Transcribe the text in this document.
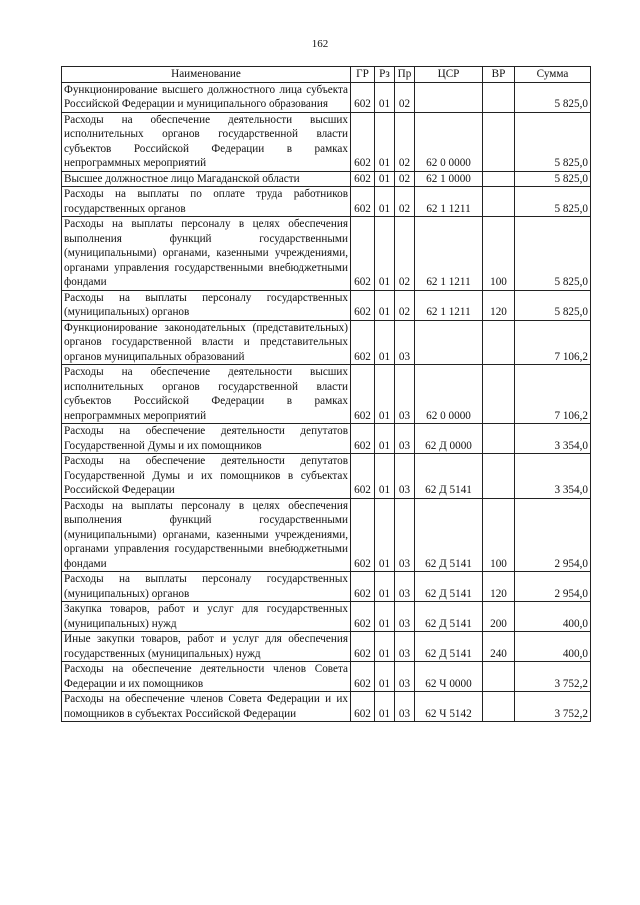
162
Наименование	ГР	Рз	Пр	ЦСР	ВР	Сумма
Функционирование высшего должностного лица субъекта Российской Федерации и муниципального образования	602	01	02			5 825,0
Расходы на обеспечение деятельности высших исполнительных органов государственной власти субъектов Российской Федерации в рамках непрограммных мероприятий	602	01	02	62 0 0000		5 825,0
Высшее должностное лицо Магаданской области	602	01	02	62 1 0000		5 825,0
Расходы на выплаты по оплате труда работников государственных органов	602	01	02	62 1 1211		5 825,0
Расходы на выплаты персоналу в целях обеспечения выполнения функций государственными (муниципальными) органами, казенными учреждениями, органами управления государственными внебюджетными фондами	602	01	02	62 1 1211	100	5 825,0
Расходы на выплаты персоналу государственных (муниципальных) органов	602	01	02	62 1 1211	120	5 825,0
Функционирование законодательных (представительных) органов государственной власти и представительных органов муниципальных образований	602	01	03			7 106,2
Расходы на обеспечение деятельности высших исполнительных органов государственной власти субъектов Российской Федерации в рамках непрограммных мероприятий	602	01	03	62 0 0000		7 106,2
Расходы на обеспечение деятельности депутатов Государственной Думы и их помощников	602	01	03	62 Д 0000		3 354,0
Расходы на обеспечение деятельности депутатов Государственной Думы и их помощников в субъектах Российской Федерации	602	01	03	62 Д 5141		3 354,0
Расходы на выплаты персоналу в целях обеспечения выполнения функций государственными (муниципальными) органами, казенными учреждениями, органами управления государственными внебюджетными фондами	602	01	03	62 Д 5141	100	2 954,0
Расходы на выплаты персоналу государственных (муниципальных) органов	602	01	03	62 Д 5141	120	2 954,0
Закупка товаров, работ и услуг для государственных (муниципальных) нужд	602	01	03	62 Д 5141	200	400,0
Иные закупки товаров, работ и услуг для обеспечения государственных (муниципальных) нужд	602	01	03	62 Д 5141	240	400,0
Расходы на обеспечение деятельности членов Совета Федерации и их помощников	602	01	03	62 Ч 0000		3 752,2
Расходы на обеспечение членов Совета Федерации и их помощников в субъектах Российской Федерации	602	01	03	62 Ч 5142		3 752,2
